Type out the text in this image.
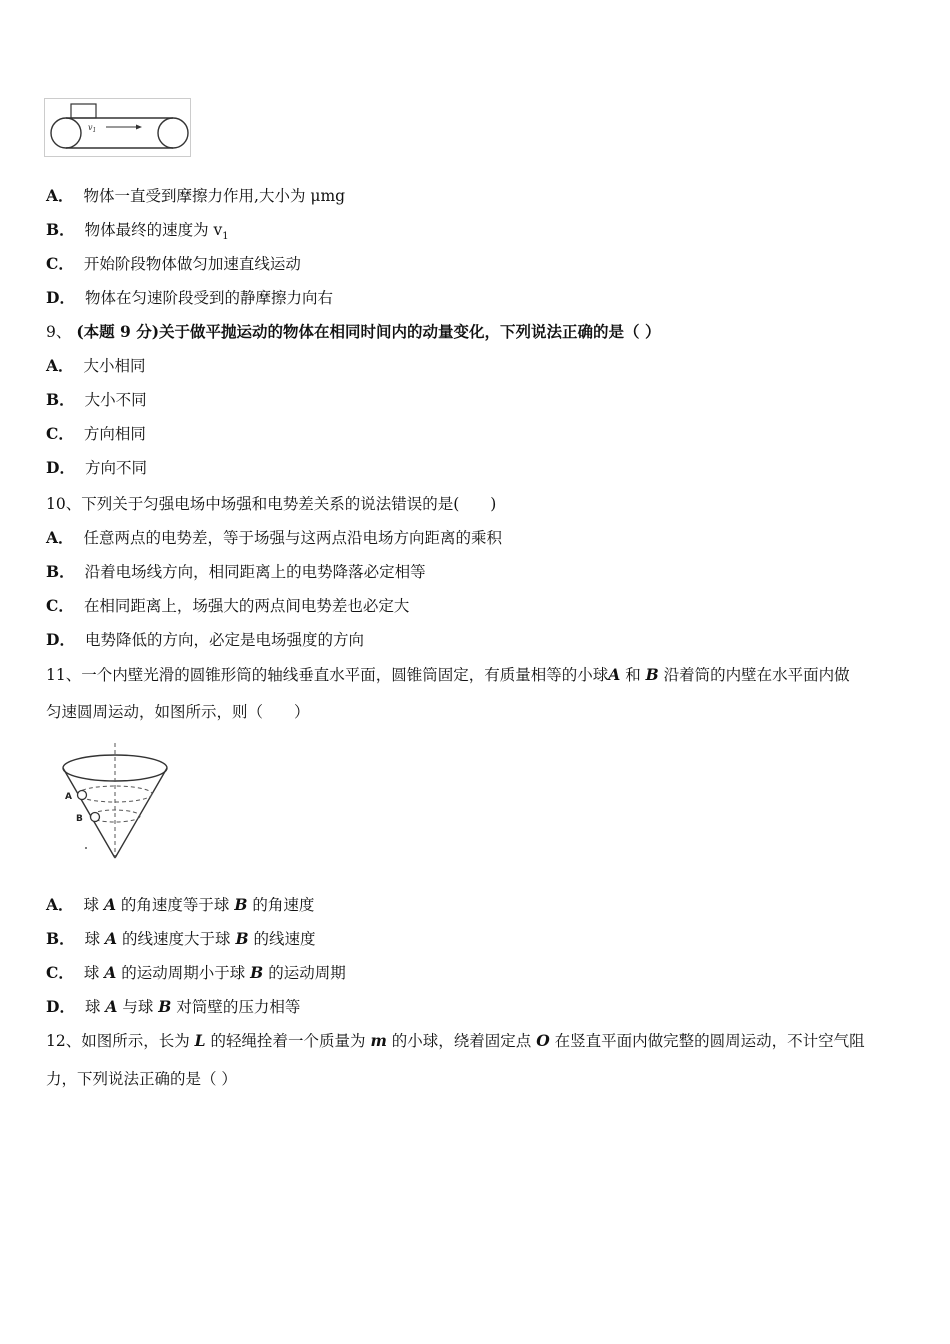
$v_1$
A． 物体一直受到摩擦力作用,大小为 μmg
B． 物体最终的速度为 $v_1$
C． 开始阶段物体做匀加速直线运动
D． 物体在匀速阶段受到的静摩擦力向右
9、 (本题 9 分)关于做平抛运动的物体在相同时间内的动量变化，下列说法正确的是（ ）
A． 大小相同
B． 大小不同
C． 方向相同
D． 方向不同
10、下列关于匀强电场中场强和电势差关系的说法错误的是(　　)
A． 任意两点的电势差，等于场强与这两点沿电场方向距离的乘积
B． 沿着电场线方向，相同距离上的电势降落必定相等
C． 在相同距离上，场强大的两点间电势差也必定大
D． 电势降低的方向，必定是电场强度的方向
11、一个内壁光滑的圆锥形筒的轴线垂直水平面，圆锥筒固定，有质量相等的小球A 和 B 沿着筒的内壁在水平面内做
匀速圆周运动，如图所示，则（　　）
A
B
A． 球 A 的角速度等于球 B 的角速度
B． 球 A 的线速度大于球 B 的线速度
C． 球 A 的运动周期小于球 B 的运动周期
D． 球 A 与球 B 对筒壁的压力相等
12、如图所示，长为 L 的轻绳拴着一个质量为 m 的小球，绕着固定点 O 在竖直平面内做完整的圆周运动，不计空气阻
力，下列说法正确的是（ ）
